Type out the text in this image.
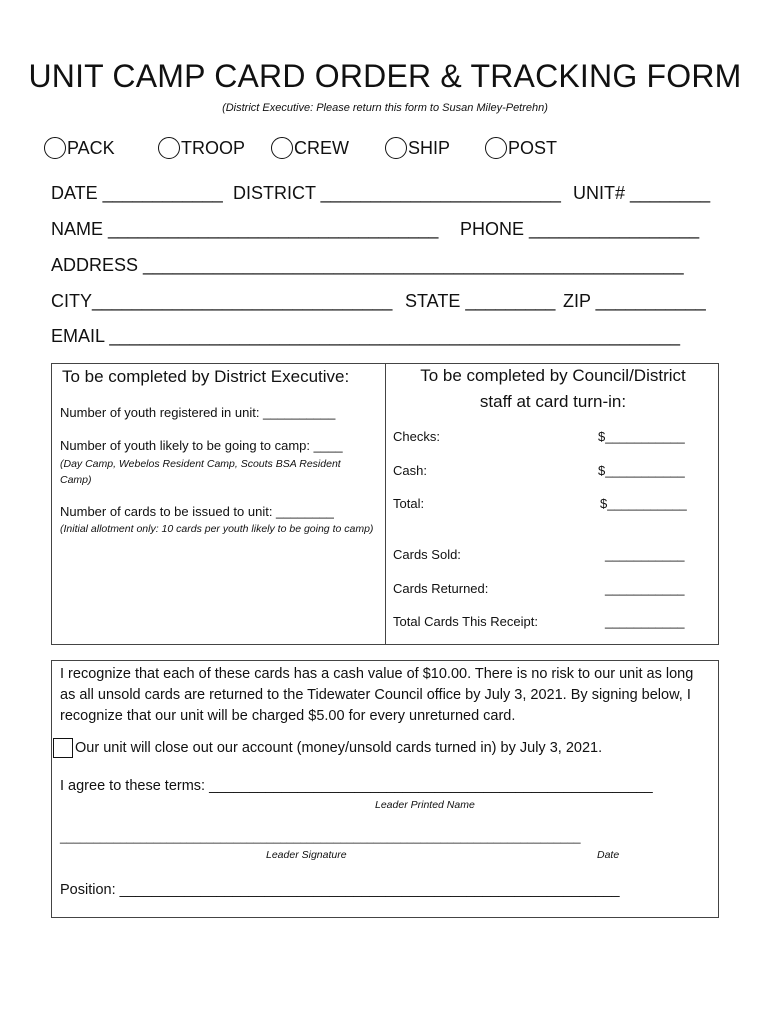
UNIT CAMP CARD ORDER & TRACKING FORM
(District Executive: Please return this form to Susan Miley-Petrehn)
PACK	TROOP	CREW	SHIP	POST
DATE ____________ DISTRICT ________________________ UNIT# ________
NAME _________________________________ PHONE _________________
ADDRESS ______________________________________________________
CITY______________________________ STATE _________ ZIP ___________
EMAIL _________________________________________________________
To be completed by District Executive:
Number of youth registered in unit: __________
Number of youth likely to be going to camp: ____
(Day Camp, Webelos Resident Camp, Scouts BSA Resident Camp)
Number of cards to be issued to unit: ________
(Initial allotment only: 10 cards per youth likely to be going to camp)
To be completed by Council/District
staff at card turn-in:
Checks:	$___________
Cash:	$___________
Total:	$___________
Cards Sold:	___________
Cards Returned:	___________
Total Cards This Receipt:	___________
I recognize that each of these cards has a cash value of $10.00. There is no risk to our unit as long as all unsold cards are returned to the Tidewater Council office by July 3, 2021. By signing below, I recognize that our unit will be charged $5.00 for every unreturned card.
Our unit will close out our account (money/unsold cards turned in) by July 3, 2021.
I agree to these terms: _______________________________________________________
Leader Printed Name
______________________________________________________________________________
Leader Signature	Date
Position: ______________________________________________________________
